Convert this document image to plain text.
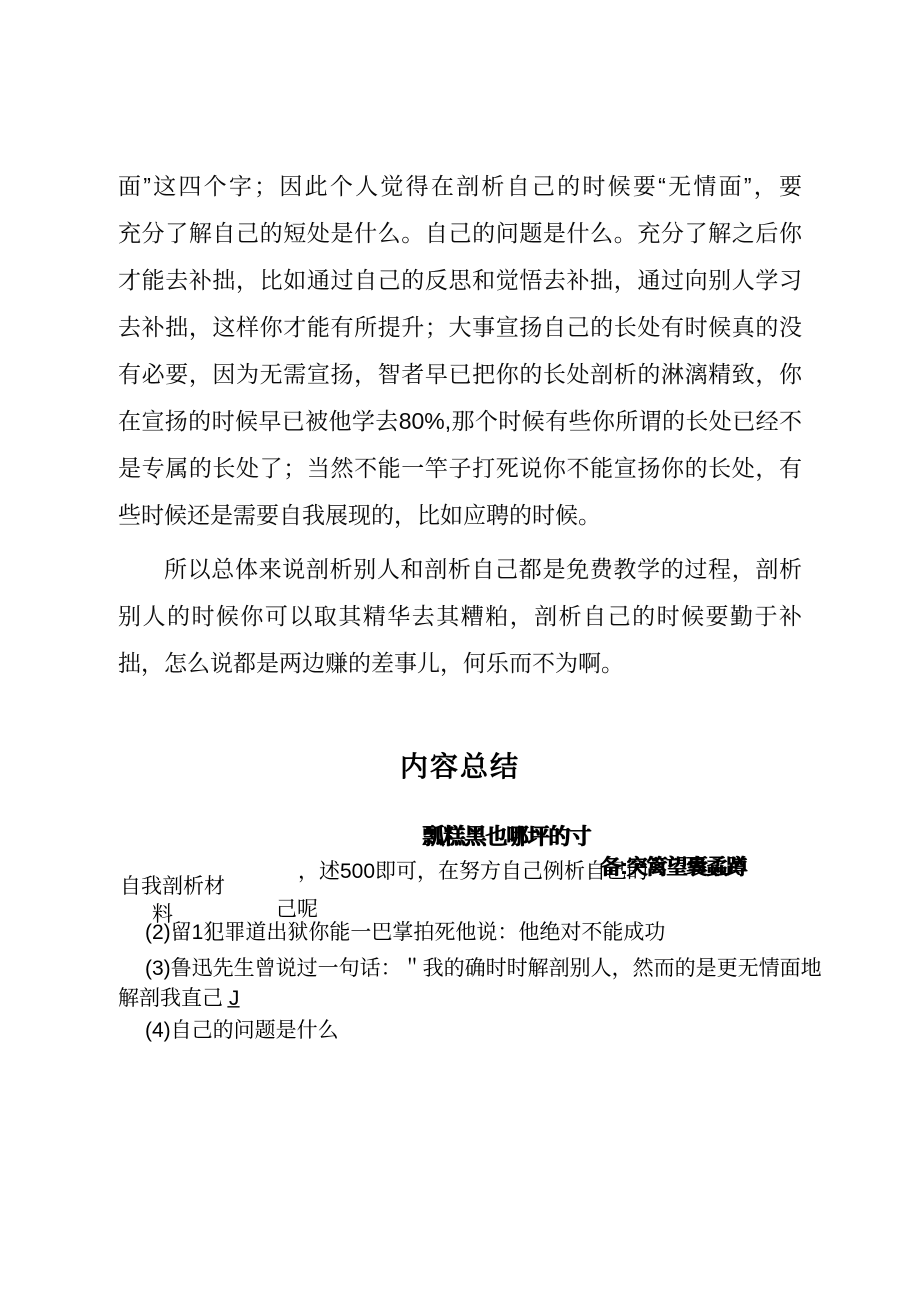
面”这四个字；因此个人觉得在剖析自己的时候要“无情面”，要
充分了解自己的短处是什么。自己的问题是什么。充分了解之后你
才能去补拙，比如通过自己的反思和觉悟去补拙，通过向别人学习
去补拙，这样你才能有所提升；大事宣扬自己的长处有时候真的没
有必要，因为无需宣扬，智者早已把你的长处剖析的淋漓精致，你
在宣扬的时候早已被他学去80%,那个时候有些你所谓的长处已经不
是专属的长处了；当然不能一竿子打死说你不能宣扬你的长处，有
些时候还是需要自我展现的，比如应聘的时候。
所以总体来说剖析别人和剖析自己都是免费教学的过程，剖析
别人的时候你可以取其精华去其糟粕，剖析自己的时候要勤于补
拙，怎么说都是两边赚的差事儿，何乐而不为啊。
内容总结
瓢糕黑也哪坪的寸
，述500即可，在努方自己例析自己的
备:突篱望囊蟊蹲
自我剖析材
料	己呢
(2)留1犯罪道出狱你能一巴掌拍死他说：他绝对不能成功
(3)鲁迅先生曾说过一句话：＂我的确时时解剖别人，然而的是更无情面地
解剖我直己 J̲
(4)自己的问题是什么
